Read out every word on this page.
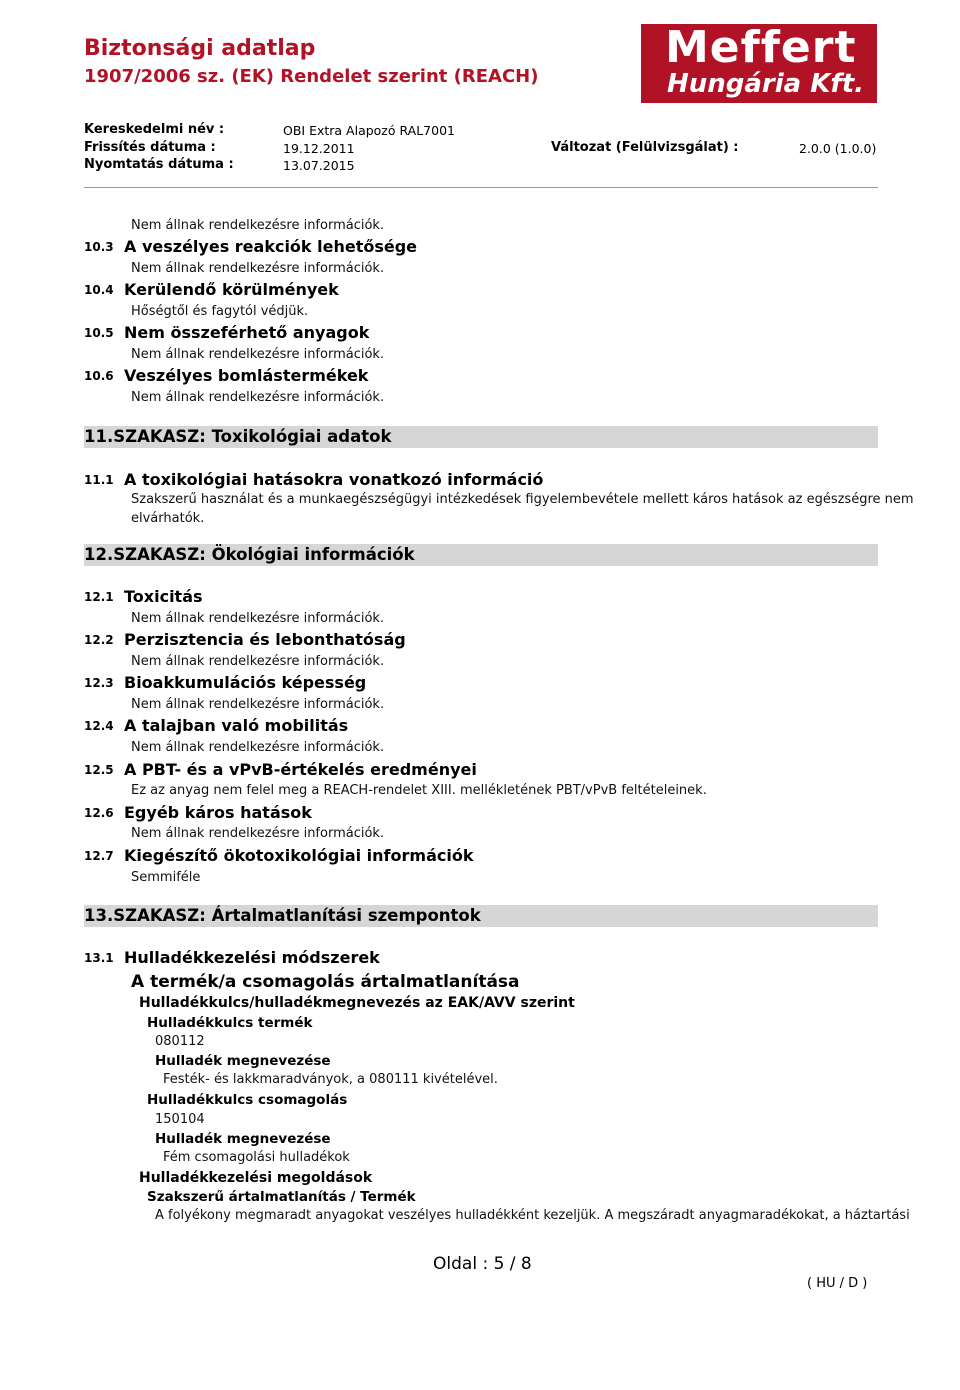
Biztonsági adatlap
1907/2006 sz. (EK) Rendelet szerint (REACH)
Meffert
Hungária Kft.
Kereskedelmi név :	OBI Extra Alapozó RAL7001
Frissítés dátuma :	19.12.2011	Változat (Felülvizsgálat) :	2.0.0 (1.0.0)
Nyomtatás dátuma :	13.07.2015
Nem állnak rendelkezésre információk.
10.3 A veszélyes reakciók lehetősége
Nem állnak rendelkezésre információk.
10.4 Kerülendő körülmények
Hőségtől és fagytól védjük.
10.5 Nem összeférhető anyagok
Nem állnak rendelkezésre információk.
10.6 Veszélyes bomlástermékek
Nem állnak rendelkezésre információk.
11.SZAKASZ: Toxikológiai adatok
11.1 A toxikológiai hatásokra vonatkozó információ
Szakszerű használat és a munkaegészségügyi intézkedések figyelembevétele mellett káros hatások az egészségre nem
elvárhatók.
12.SZAKASZ: Ökológiai információk
12.1 Toxicitás
Nem állnak rendelkezésre információk.
12.2 Perzisztencia és lebonthatóság
Nem állnak rendelkezésre információk.
12.3 Bioakkumulációs képesség
Nem állnak rendelkezésre információk.
12.4 A talajban való mobilitás
Nem állnak rendelkezésre információk.
12.5 A PBT- és a vPvB-értékelés eredményei
Ez az anyag nem felel meg a REACH-rendelet XIII. mellékletének PBT/vPvB feltételeinek.
12.6 Egyéb káros hatások
Nem állnak rendelkezésre információk.
12.7 Kiegészítő ökotoxikológiai információk
Semmiféle
13.SZAKASZ: Ártalmatlanítási szempontok
13.1 Hulladékkezelési módszerek
A termék/a csomagolás ártalmatlanítása
Hulladékkulcs/hulladékmegnevezés az EAK/AVV szerint
Hulladékkulcs termék
080112
Hulladék megnevezése
Festék- és lakkmaradványok, a 080111 kivételével.
Hulladékkulcs csomagolás
150104
Hulladék megnevezése
Fém csomagolási hulladékok
Hulladékkezelési megoldások
Szakszerű ártalmatlanítás / Termék
A folyékony megmaradt anyagokat veszélyes hulladékként kezeljük. A megszáradt anyagmaradékokat, a háztartási
Oldal : 5 / 8
( HU / D )
